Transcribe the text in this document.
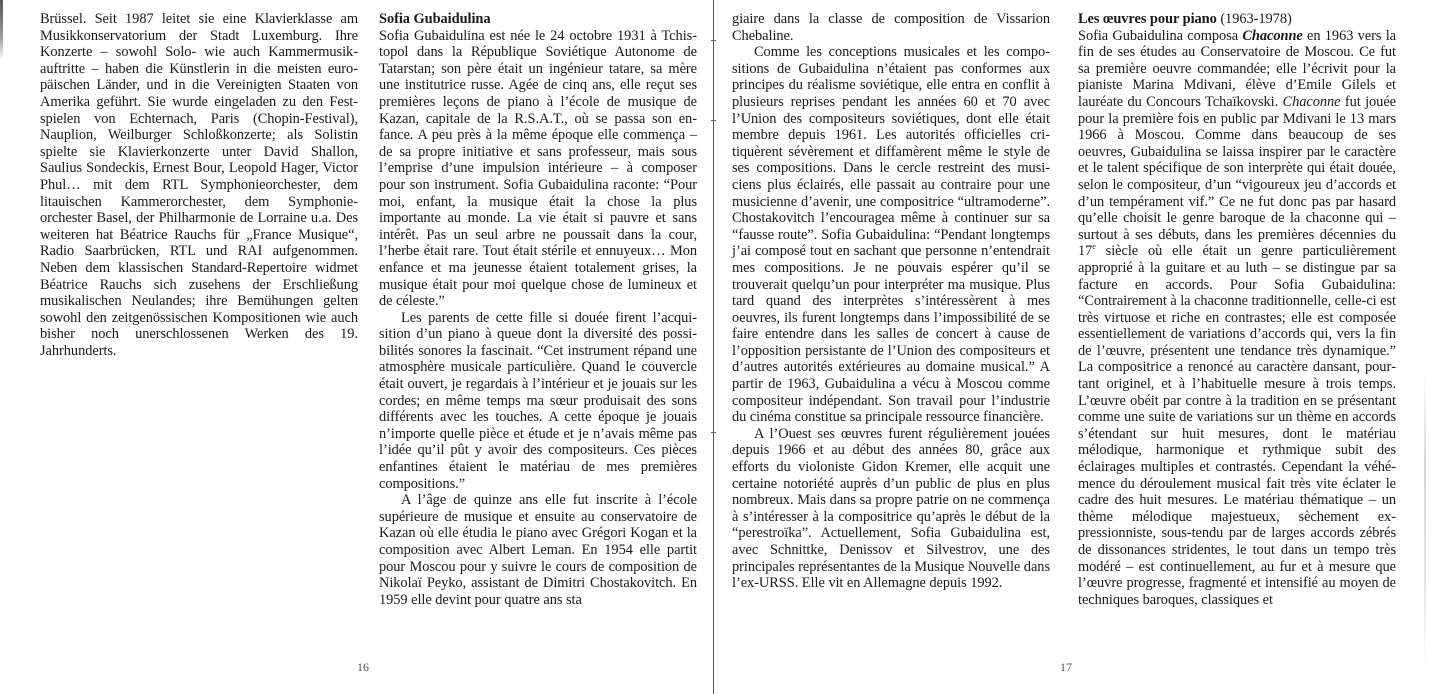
Brüssel. Seit 1987 leitet sie eine Klavierklasse am Musikkonservatorium der Stadt Luxemburg. Ihre Konzerte – sowohl Solo- wie auch Kammermusikauftritte – haben die Künstlerin in die meisten europäischen Länder, und in die Vereinigten Staaten von Amerika geführt. Sie wurde eingeladen zu den Festspielen von Echternach, Paris (Chopin-Festival), Nauplion, Weilburger Schloßkonzerte; als Solistin spielte sie Klavierkonzerte unter David Shallon, Saulius Sondeckis, Ernest Bour, Leopold Hager, Victor Phul… mit dem RTL Symphonieorchester, dem litauischen Kammerorchester, dem Symphonieorchester Basel, der Philharmonie de Lorraine u.a. Des weiteren hat Béatrice Rauchs für „France Musique“, Radio Saarbrücken, RTL und RAI aufgenommen. Neben dem klassischen Standard-Repertoire widmet Béatrice Rauchs sich zusehens der Erschließung musikalischen Neulandes; ihre Bemühungen gelten sowohl den zeitgenössischen Kompositionen wie auch bisher noch unerschlossenen Werken des 19. Jahrhunderts.

Sofia Gubaidulina

Sofia Gubaidulina est née le 24 octobre 1931 à Tchistopol dans la République Soviétique Autonome de Tatarstan; son père était un ingénieur tatare, sa mère une institutrice russe. Agée de cinq ans, elle reçut ses premières leçons de piano à l’école de musique de Kazan, capitale de la R.S.A.T., où se passa son enfance. A peu près à la même époque elle commença – de sa propre initiative et sans professeur, mais sous l’emprise d’une impulsion intérieure – à composer pour son instrument. Sofia Gubaidulina raconte: “Pour moi, enfant, la musique était la chose la plus importante au monde. La vie était si pauvre et sans intérêt. Pas un seul arbre ne poussait dans la cour, l’herbe était rare. Tout était stérile et ennuyeux… Mon enfance et ma jeunesse étaient totalement grises, la musique était pour moi quelque chose de lumineux et de céleste.”

Les parents de cette fille si douée firent l’acquisition d’un piano à queue dont la diversité des possibilités sonores la fascinait. “Cet instrument répand une atmosphère musicale particulière. Quand le couvercle était ouvert, je regardais à l’intérieur et je jouais sur les cordes; en même temps ma sœur produisait des sons différents avec les touches. A cette époque je jouais n’importe quelle pièce et étude et je n’avais même pas l’idée qu’il pût y avoir des compositeurs. Ces pièces enfantines étaient le matériau de mes premières compositions.”

A l’âge de quinze ans elle fut inscrite à l’école supérieure de musique et ensuite au conservatoire de Kazan où elle étudia le piano avec Grégori Kogan et la composition avec Albert Leman. En 1954 elle partit pour Moscou pour y suivre le cours de composition de Nikolaï Peyko, assistant de Dimitri Chostakovitch. En 1959 elle devint pour quatre ans sta

16

giaire dans la classe de composition de Vissarion Chebaline.

Comme les conceptions musicales et les compositions de Gubaidulina n’étaient pas conformes aux principes du réalisme soviétique, elle entra en conflit à plusieurs reprises pendant les années 60 et 70 avec l’Union des compositeurs soviétiques, dont elle était membre depuis 1961. Les autorités officielles critiquèrent sévèrement et diffamèrent même le style de ses compositions. Dans le cercle restreint des musiciens plus éclairés, elle passait au contraire pour une musicienne d’avenir, une compositrice “ultramoderne”. Chostakovitch l’encouragea même à continuer sur sa “fausse route”. Sofia Gubaidulina: “Pendant longtemps j’ai composé tout en sachant que personne n’entendrait mes compositions. Je ne pouvais espérer qu’il se trouverait quelqu’un pour interpréter ma musique. Plus tard quand des interprètes s’intéressèrent à mes oeuvres, ils furent longtemps dans l’impossibilité de se faire entendre dans les salles de concert à cause de l’opposition persistante de l’Union des compositeurs et d’autres autorités extérieures au domaine musical.” A partir de 1963, Gubaidulina a vécu à Moscou comme compositeur indépendant. Son travail pour l’industrie du cinéma constitue sa principale ressource financière.

A l’Ouest ses œuvres furent régulièrement jouées depuis 1966 et au début des années 80, grâce aux efforts du violoniste Gidon Kremer, elle acquit une certaine notoriété auprès d’un public de plus en plus nombreux. Mais dans sa propre patrie on ne commença à s’intéresser à la compositrice qu’après le début de la “perestroïka”. Actuellement, Sofia Gubaidulina est, avec Schnittke, Denissov et Silvestrov, une des principales représentantes de la Musique Nouvelle dans l’ex-URSS. Elle vit en Allemagne depuis 1992.

Les œuvres pour piano (1963-1978)

Sofia Gubaidulina composa Chaconne en 1963 vers la fin de ses études au Conservatoire de Moscou. Ce fut sa première oeuvre commandée; elle l’écrivit pour la pianiste Marina Mdivani, élève d’Emile Gilels et lauréate du Concours Tchaïkovski. Chaconne fut jouée pour la première fois en public par Mdivani le 13 mars 1966 à Moscou. Comme dans beaucoup de ses oeuvres, Gubaidulina se laissa inspirer par le caractère et le talent spécifique de son interprète qui était douée, selon le compositeur, d’un “vigoureux jeu d’accords et d’un tempérament vif.” Ce ne fut donc pas par hasard qu’elle choisit le genre baroque de la chaconne qui – surtout à ses débuts, dans les premières décennies du 17e siècle où elle était un genre particulièrement approprié à la guitare et au luth – se distingue par sa facture en accords. Pour Sofia Gubaidulina: “Contrairement à la chaconne traditionnelle, celle-ci est très virtuose et riche en contrastes; elle est composée essentiellement de variations d’accords qui, vers la fin de l’œuvre, présentent une tendance très dynamique.” La compositrice a renoncé au caractère dansant, pourtant originel, et à l’habituelle mesure à trois temps. L’œuvre obéit par contre à la tradition en se présentant comme une suite de variations sur un thème en accords s’étendant sur huit mesures, dont le matériau mélodique, harmonique et rythmique subit des éclairages multiples et contrastés. Cependant la véhémence du déroulement musical fait très vite éclater le cadre des huit mesures. Le matériau thématique – un thème mélodique majestueux, sèchement expressionniste, sous-tendu par de larges accords zébrés de dissonances stridentes, le tout dans un tempo très modéré – est continuellement, au fur et à mesure que l’œuvre progresse, fragmenté et intensifié au moyen de techniques baroques, classiques et

17
